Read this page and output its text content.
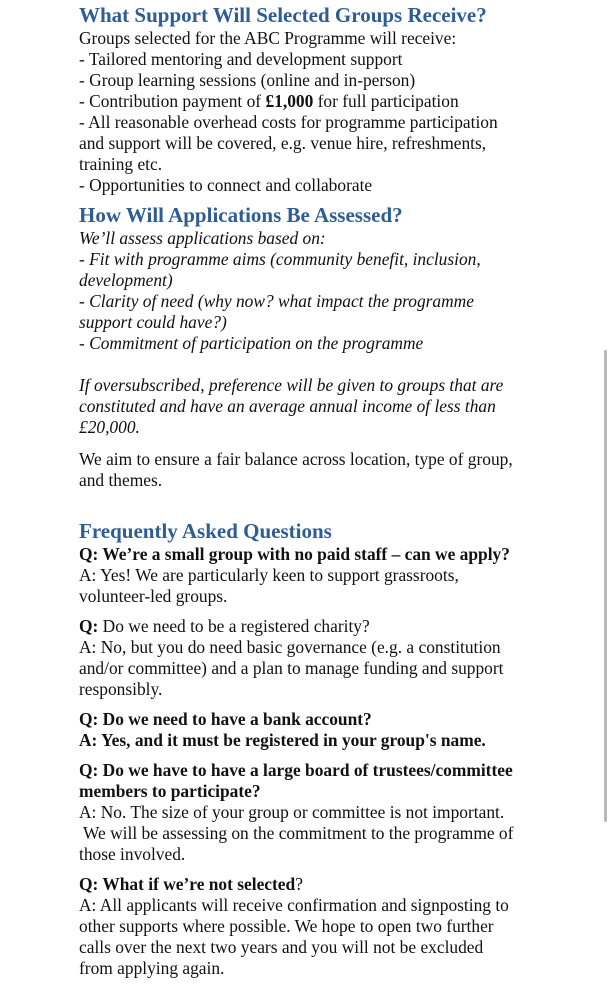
What Support Will Selected Groups Receive?
Groups selected for the ABC Programme will receive:
- Tailored mentoring and development support
- Group learning sessions (online and in-person)
- Contribution payment of £1,000 for full participation
- All reasonable overhead costs for programme participation
and support will be covered, e.g. venue hire, refreshments,
training etc.
- Opportunities to connect and collaborate
How Will Applications Be Assessed?
We’ll assess applications based on:
- Fit with programme aims (community benefit, inclusion,
development)
- Clarity of need (why now? what impact the programme
support could have?)
- Commitment of participation on the programme
If oversubscribed, preference will be given to groups that are
constituted and have an average annual income of less than
£20,000.
We aim to ensure a fair balance across location, type of group,
and themes.
Frequently Asked Questions
Q: We’re a small group with no paid staff – can we apply?
A: Yes! We are particularly keen to support grassroots,
volunteer-led groups.
Q: Do we need to be a registered charity?
A: No, but you do need basic governance (e.g. a constitution
and/or committee) and a plan to manage funding and support
responsibly.
Q: Do we need to have a bank account?
A: Yes, and it must be registered in your group's name.
Q: Do we have to have a large board of trustees/committee
members to participate?
A: No. The size of your group or committee is not important.
We will be assessing on the commitment to the programme of
those involved.
Q: What if we’re not selected?
A: All applicants will receive confirmation and signposting to
other supports where possible. We hope to open two further
calls over the next two years and you will not be excluded
from applying again.
